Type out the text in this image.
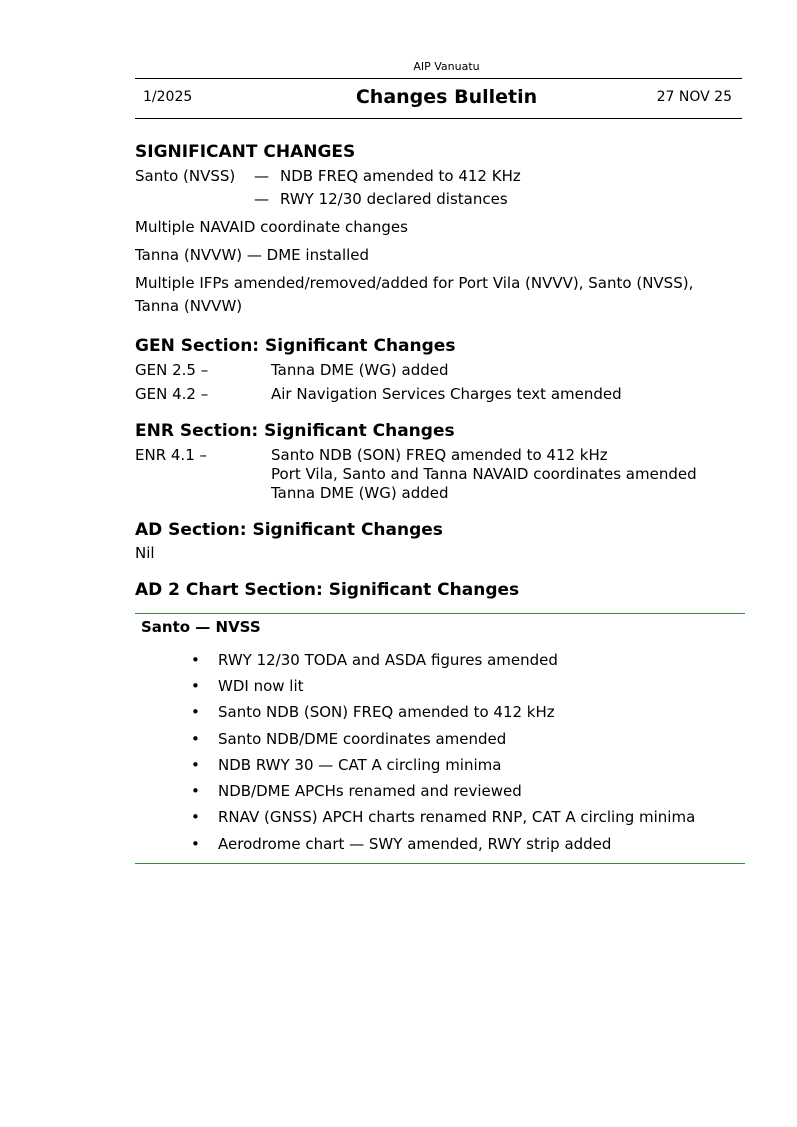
AIP Vanuatu
1/2025	Changes Bulletin	27 NOV 25
SIGNIFICANT CHANGES
Santo (NVSS) — NDB FREQ amended to 412 KHz
— RWY 12/30 declared distances
Multiple NAVAID coordinate changes
Tanna (NVVW) — DME installed
Multiple IFPs amended/removed/added for Port Vila (NVVV), Santo (NVSS),
Tanna (NVVW)
GEN Section: Significant Changes
GEN 2.5 –	Tanna DME (WG) added
GEN 4.2 –	Air Navigation Services Charges text amended
ENR Section: Significant Changes
ENR 4.1 –	Santo NDB (SON) FREQ amended to 412 kHz
Port Vila, Santo and Tanna NAVAID coordinates amended
Tanna DME (WG) added
AD Section: Significant Changes
Nil
AD 2 Chart Section: Significant Changes
Santo — NVSS
• RWY 12/30 TODA and ASDA figures amended
• WDI now lit
• Santo NDB (SON) FREQ amended to 412 kHz
• Santo NDB/DME coordinates amended
• NDB RWY 30 — CAT A circling minima
• NDB/DME APCHs renamed and reviewed
• RNAV (GNSS) APCH charts renamed RNP, CAT A circling minima
• Aerodrome chart — SWY amended, RWY strip added
